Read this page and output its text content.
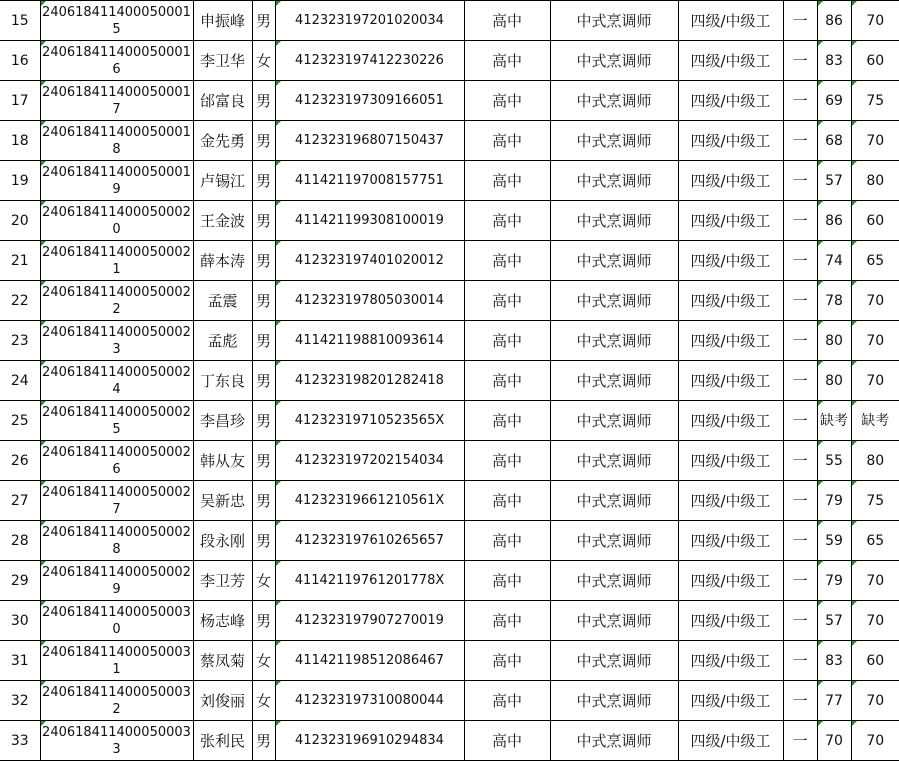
15	2406184114000500015	申振峰	男	412323197201020034	高中	中式烹调师	四级/中级工	一	86	70
16	2406184114000500016	李卫华	女	412323197412230226	高中	中式烹调师	四级/中级工	一	83	60
17	2406184114000500017	邰富良	男	412323197309166051	高中	中式烹调师	四级/中级工	一	69	75
18	2406184114000500018	金先勇	男	412323196807150437	高中	中式烹调师	四级/中级工	一	68	70
19	2406184114000500019	卢锡江	男	411421197008157751	高中	中式烹调师	四级/中级工	一	57	80
20	2406184114000500020	王金波	男	411421199308100019	高中	中式烹调师	四级/中级工	一	86	60
21	2406184114000500021	薛本涛	男	412323197401020012	高中	中式烹调师	四级/中级工	一	74	65
22	2406184114000500022	孟震	男	412323197805030014	高中	中式烹调师	四级/中级工	一	78	70
23	2406184114000500023	孟彪	男	411421198810093614	高中	中式烹调师	四级/中级工	一	80	70
24	2406184114000500024	丁东良	男	412323198201282418	高中	中式烹调师	四级/中级工	一	80	70
25	2406184114000500025	李昌珍	男	41232319710523565X	高中	中式烹调师	四级/中级工	一	缺考	缺考
26	2406184114000500026	韩从友	男	412323197202154034	高中	中式烹调师	四级/中级工	一	55	80
27	2406184114000500027	吴新忠	男	41232319661210561X	高中	中式烹调师	四级/中级工	一	79	75
28	2406184114000500028	段永刚	男	412323197610265657	高中	中式烹调师	四级/中级工	一	59	65
29	2406184114000500029	李卫芳	女	41142119761201778X	高中	中式烹调师	四级/中级工	一	79	70
30	2406184114000500030	杨志峰	男	412323197907270019	高中	中式烹调师	四级/中级工	一	57	70
31	2406184114000500031	蔡凤菊	女	411421198512086467	高中	中式烹调师	四级/中级工	一	83	60
32	2406184114000500032	刘俊丽	女	412323197310080044	高中	中式烹调师	四级/中级工	一	77	70
33	2406184114000500033	张利民	男	412323196910294834	高中	中式烹调师	四级/中级工	一	70	70
